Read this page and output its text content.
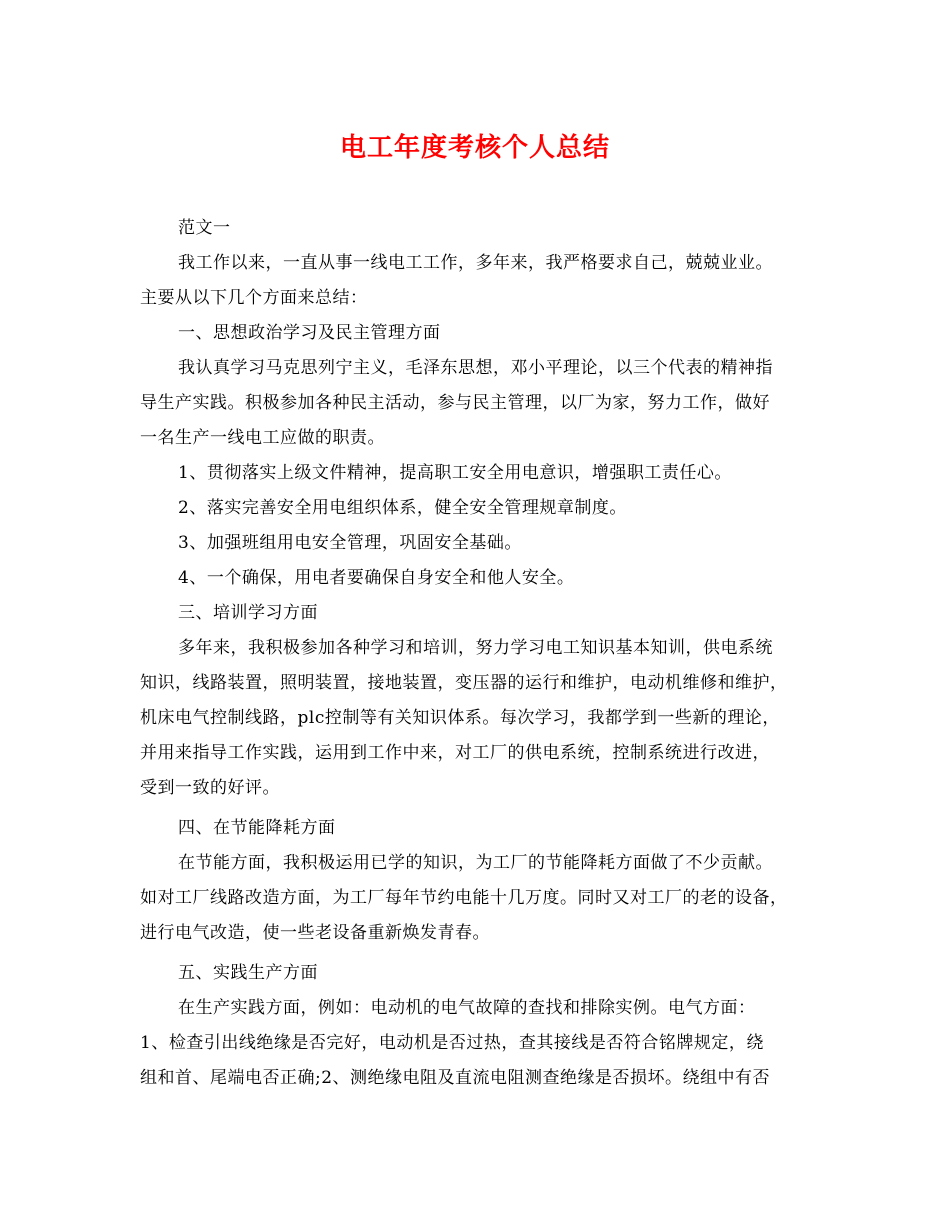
电工年度考核个人总结
范文一
我工作以来，一直从事一线电工工作，多年来，我严格要求自己，兢兢业业。
主要从以下几个方面来总结：
一、思想政治学习及民主管理方面
我认真学习马克思列宁主义，毛泽东思想，邓小平理论，以三个代表的精神指
导生产实践。积极参加各种民主活动，参与民主管理，以厂为家，努力工作，做好
一名生产一线电工应做的职责。
1、贯彻落实上级文件精神，提高职工安全用电意识，增强职工责任心。
2、落实完善安全用电组织体系，健全安全管理规章制度。
3、加强班组用电安全管理，巩固安全基础。
4、一个确保，用电者要确保自身安全和他人安全。
三、培训学习方面
多年来，我积极参加各种学习和培训，努力学习电工知识基本知训，供电系统
知识，线路装置，照明装置，接地装置，变压器的运行和维护，电动机维修和维护，
机床电气控制线路，plc控制等有关知识体系。每次学习，我都学到一些新的理论，
并用来指导工作实践，运用到工作中来，对工厂的供电系统，控制系统进行改进，
受到一致的好评。
四、在节能降耗方面
在节能方面，我积极运用已学的知识，为工厂的节能降耗方面做了不少贡献。
如对工厂线路改造方面，为工厂每年节约电能十几万度。同时又对工厂的老的设备，
进行电气改造，使一些老设备重新焕发青春。
五、实践生产方面
在生产实践方面，例如：电动机的电气故障的查找和排除实例。电气方面：
1、检查引出线绝缘是否完好，电动机是否过热，查其接线是否符合铭牌规定，绕
组和首、尾端电否正确;2、测绝缘电阻及直流电阻测查绝缘是否损坏。绕组中有否
